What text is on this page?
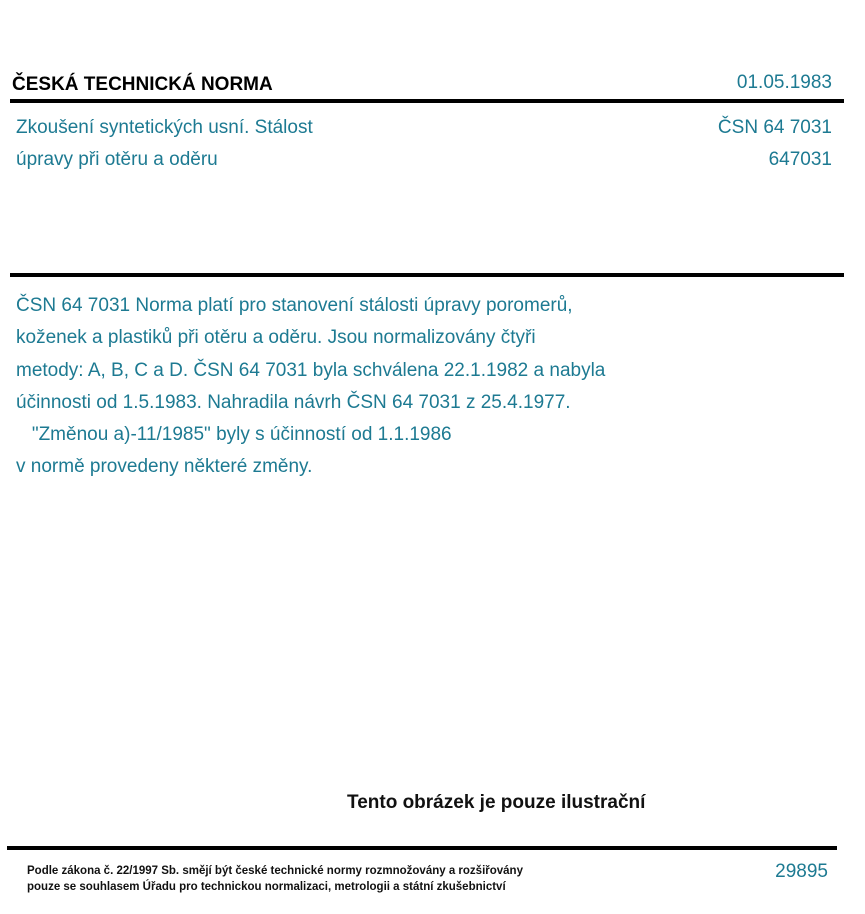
ČESKÁ TECHNICKÁ NORMA	01.05.1983
Zkoušení syntetických usní. Stálost
úpravy při otěru a oděru
ČSN 64 7031
647031
ČSN 64 7031 Norma platí pro stanovení stálosti úpravy poromerů,
koženek a plastiků při otěru a oděru. Jsou normalizovány čtyři
metody: A, B, C a D. ČSN 64 7031 byla schválena 22.1.1982 a nabyla
účinnosti od 1.5.1983. Nahradila návrh ČSN 64 7031 z 25.4.1977.
"Změnou a)-11/1985" byly s účinností od 1.1.1986
v normě provedeny některé změny.
Tento obrázek je pouze ilustrační
Podle zákona č. 22/1997 Sb. smějí být české technické normy rozmnožovány a rozšiřovány
pouze se souhlasem Úřadu pro technickou normalizaci, metrologii a státní zkušebnictví
29895
